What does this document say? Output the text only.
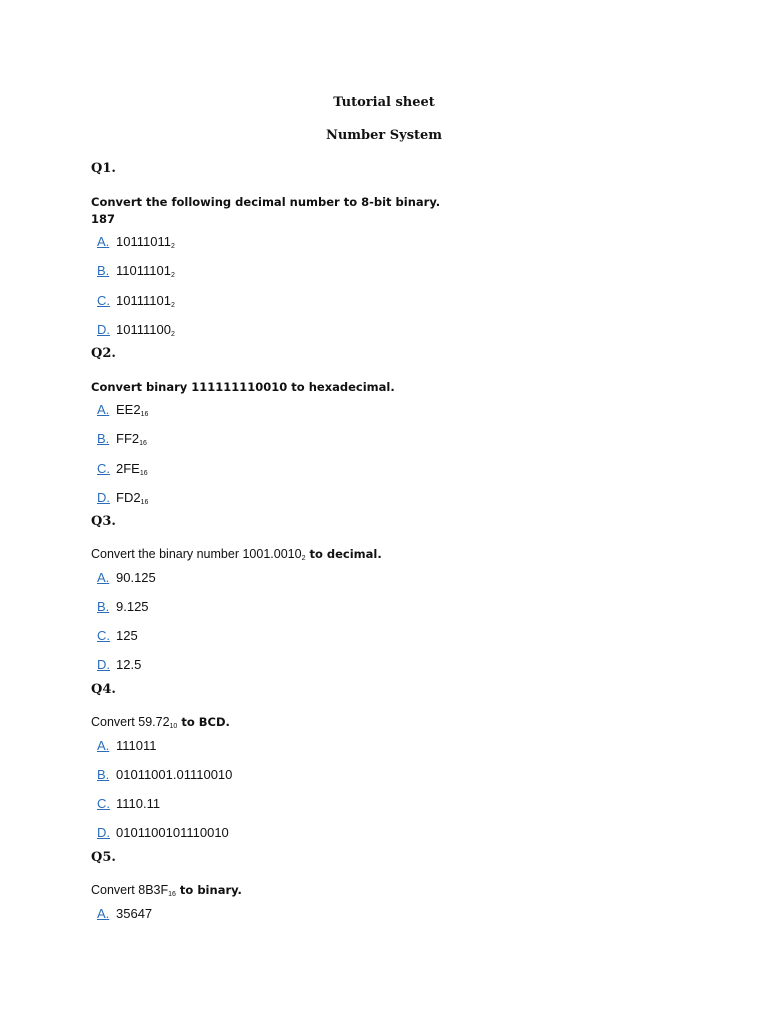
Tutorial sheet
Number System
Q1.
Convert the following decimal number to 8-bit binary.
187
A. $10111011_2$
B. $11011101_2$
C. $10111101_2$
D. $10111100_2$
Q2.
Convert binary 111111110010 to hexadecimal.
A. $EE2_{16}$
B. $FF2_{16}$
C. $2FE_{16}$
D. $FD2_{16}$
Q3.
Convert the binary number $1001.0010_2$ to decimal.
A. 90.125
B. 9.125
C. 125
D. 12.5
Q4.
Convert $59.72_{10}$ to BCD.
A. 111011
B. 01011001.01110010
C. 1110.11
D. 0101100101110010
Q5.
Convert $8B3F_{16}$ to binary.
A. 35647
